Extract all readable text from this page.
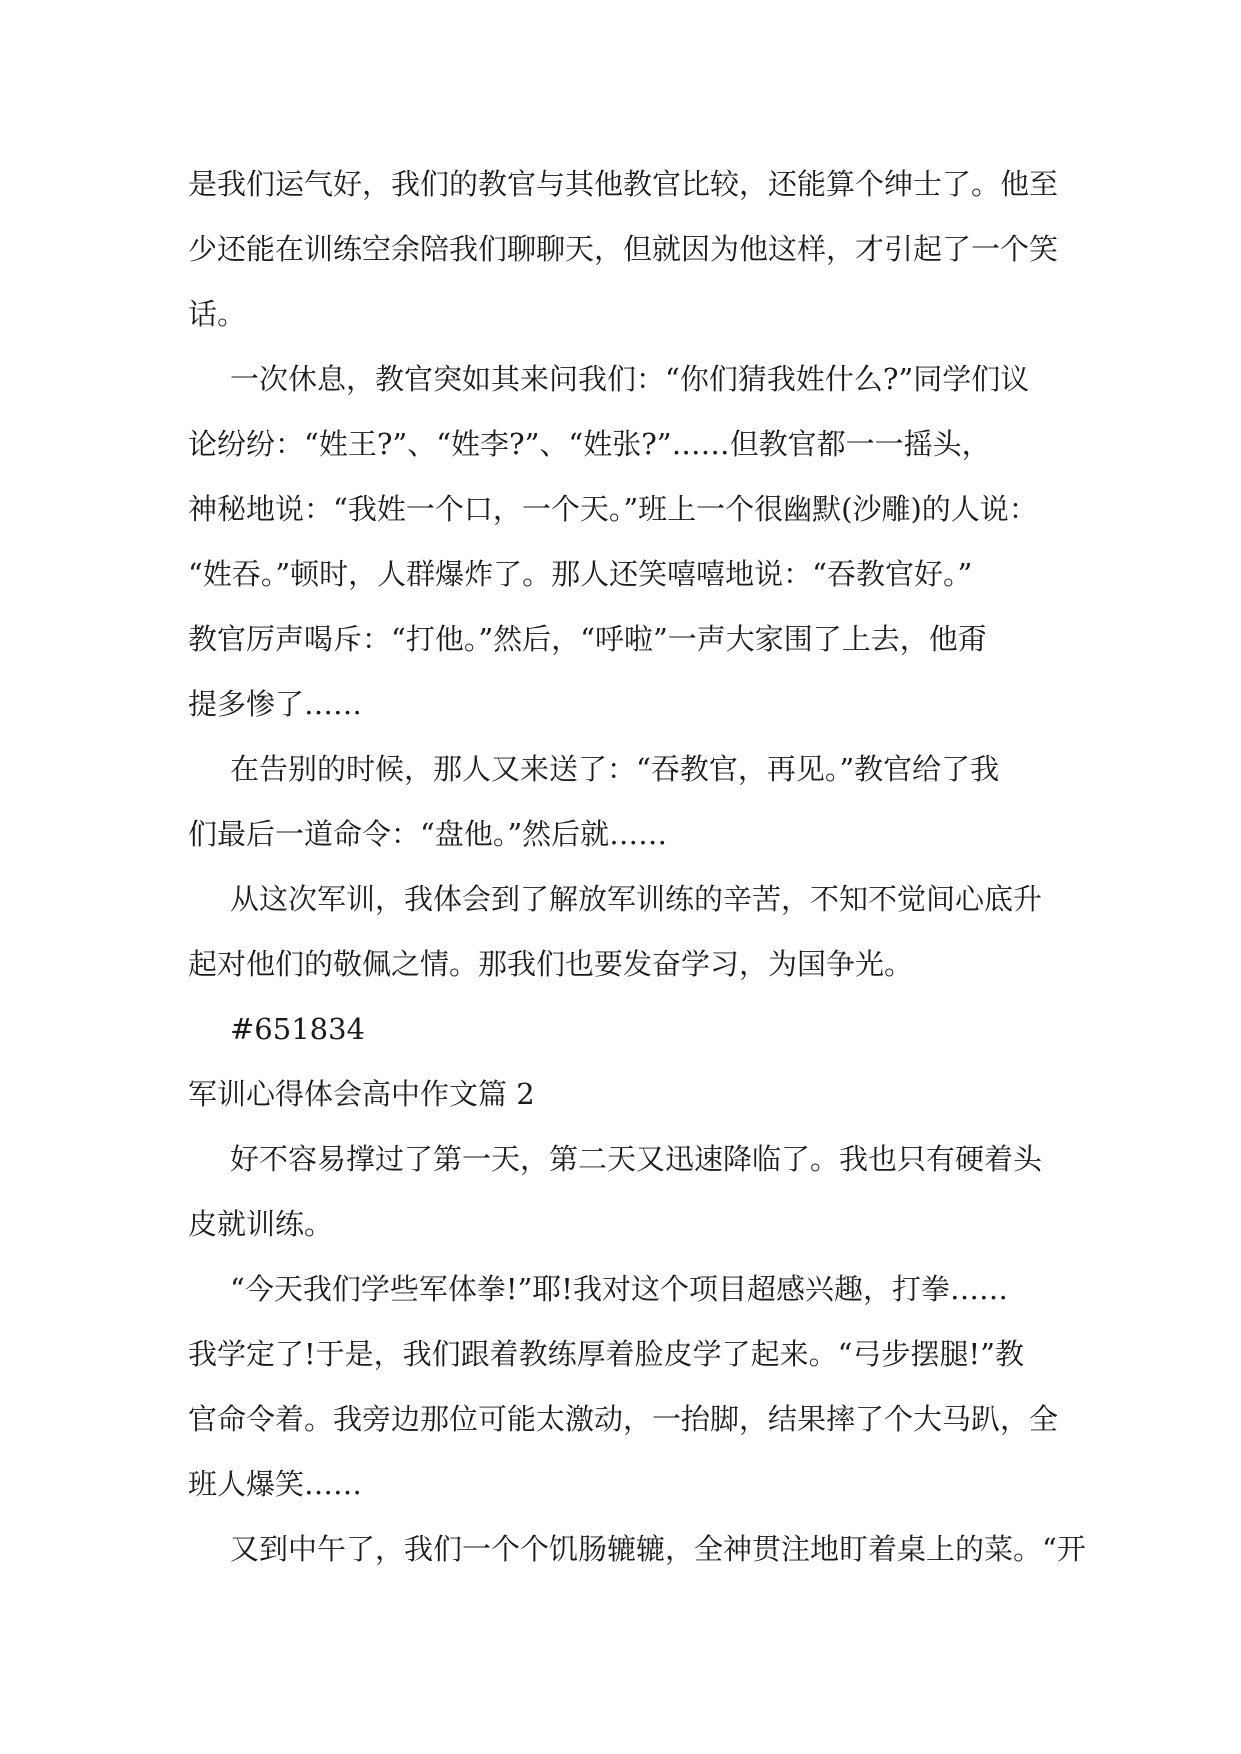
是我们运气好，我们的教官与其他教官比较，还能算个绅士了。他至
少还能在训练空余陪我们聊聊天，但就因为他这样，才引起了一个笑
话。
一次休息，教官突如其来问我们：“你们猜我姓什么?”同学们议
论纷纷：“姓王?”、“姓李?”、“姓张?”……但教官都一一摇头，
神秘地说：“我姓一个口，一个天。”班上一个很幽默(沙雕)的人说：
“姓吞。”顿时，人群爆炸了。那人还笑嘻嘻地说：“吞教官好。”
教官厉声喝斥：“打他。”然后，“呼啦”一声大家围了上去，他甭
提多惨了……
在告别的时候，那人又来送了：“吞教官，再见。”教官给了我
们最后一道命令：“盘他。”然后就……
从这次军训，我体会到了解放军训练的辛苦，不知不觉间心底升
起对他们的敬佩之情。那我们也要发奋学习，为国争光。
#651834
军训心得体会高中作文篇 2
好不容易撑过了第一天，第二天又迅速降临了。我也只有硬着头
皮就训练。
“今天我们学些军体拳!”耶!我对这个项目超感兴趣，打拳……
我学定了!于是，我们跟着教练厚着脸皮学了起来。“弓步摆腿!”教
官命令着。我旁边那位可能太激动，一抬脚，结果摔了个大马趴，全
班人爆笑……
又到中午了，我们一个个饥肠辘辘，全神贯注地盯着桌上的菜。“开
